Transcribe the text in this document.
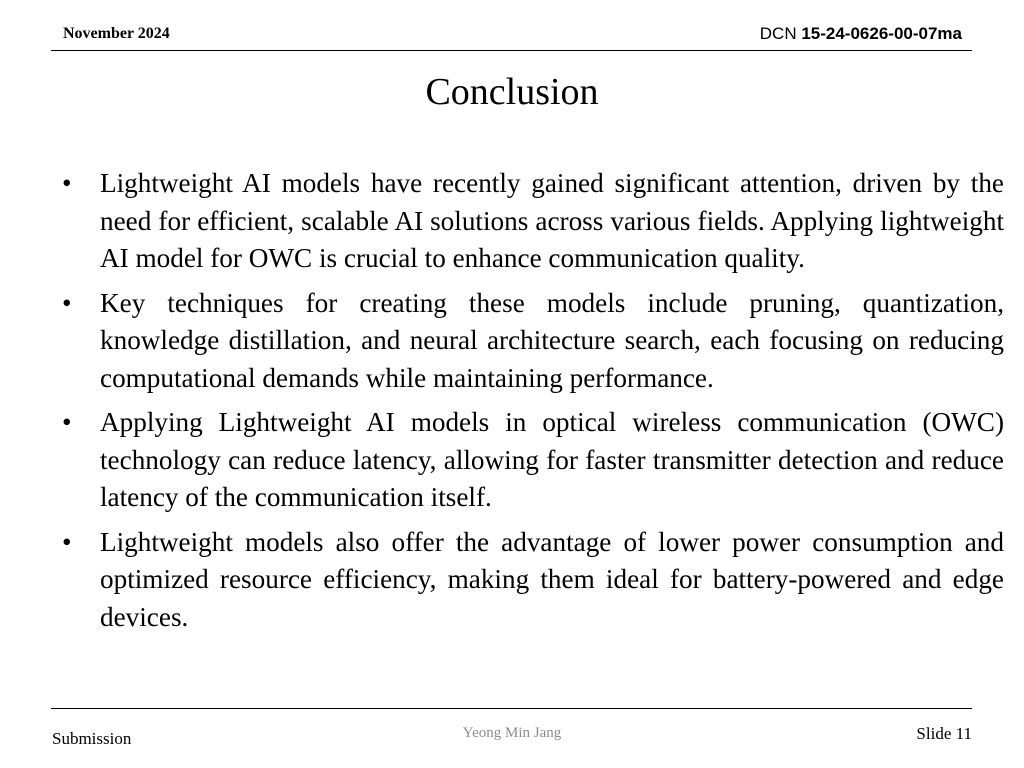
November 2024	DCN 15-24-0626-00-07ma
Conclusion
• Lightweight AI models have recently gained significant attention, driven by the need for efficient, scalable AI solutions across various fields. Applying lightweight AI model for OWC is crucial to enhance communication quality.
• Key techniques for creating these models include pruning, quantization, knowledge distillation, and neural architecture search, each focusing on reducing computational demands while maintaining performance.
• Applying Lightweight AI models in optical wireless communication (OWC) technology can reduce latency, allowing for faster transmitter detection and reduce latency of the communication itself.
• Lightweight models also offer the advantage of lower power consumption and optimized resource efficiency, making them ideal for battery-powered and edge devices.
Submission	Yeong Min Jang	Slide 11
